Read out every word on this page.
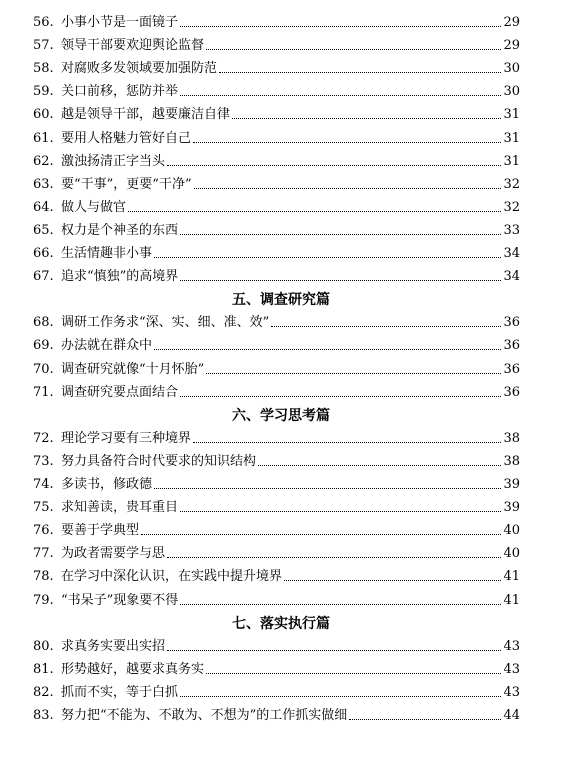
56. 小事小节是一面镜子	29
57. 领导干部要欢迎舆论监督	29
58. 对腐败多发领域要加强防范	30
59. 关口前移，惩防并举	30
60. 越是领导干部，越要廉洁自律	31
61. 要用人格魅力管好自己	31
62. 激浊扬清正字当头	31
63. 要“干事”，更要“干净”	32
64. 做人与做官	32
65. 权力是个神圣的东西	33
66. 生活情趣非小事	34
67. 追求“慎独”的高境界	34
五、调查研究篇
68. 调研工作务求“深、实、细、准、效”	36
69. 办法就在群众中	36
70. 调查研究就像“十月怀胎”	36
71. 调查研究要点面结合	36
六、学习思考篇
72. 理论学习要有三种境界	38
73. 努力具备符合时代要求的知识结构	38
74. 多读书，修政德	39
75. 求知善读，贵耳重目	39
76. 要善于学典型	40
77. 为政者需要学与思	40
78. 在学习中深化认识，在实践中提升境界	41
79. “书呆子”现象要不得	41
七、落实执行篇
80. 求真务实要出实招	43
81. 形势越好，越要求真务实	43
82. 抓而不实，等于白抓	43
83. 努力把“不能为、不敢为、不想为”的工作抓实做细	44
